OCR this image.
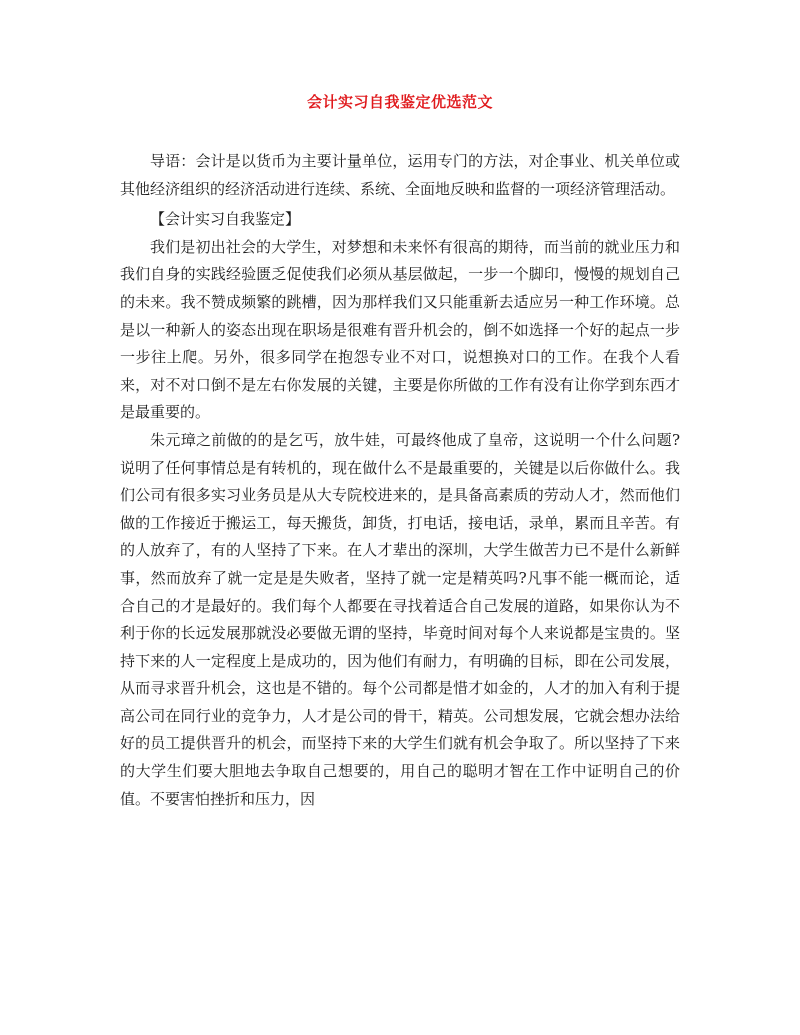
会计实习自我鉴定优选范文

导语：会计是以货币为主要计量单位，运用专门的方法，对企事业、机关单位或其他经济组织的经济活动进行连续、系统、全面地反映和监督的一项经济管理活动。

【会计实习自我鉴定】

我们是初出社会的大学生，对梦想和未来怀有很高的期待，而当前的就业压力和我们自身的实践经验匮乏促使我们必须从基层做起，一步一个脚印，慢慢的规划自己的未来。我不赞成频繁的跳槽，因为那样我们又只能重新去适应另一种工作环境。总是以一种新人的姿态出现在职场是很难有晋升机会的，倒不如选择一个好的起点一步一步往上爬。另外，很多同学在抱怨专业不对口，说想换对口的工作。在我个人看来，对不对口倒不是左右你发展的关键，主要是你所做的工作有没有让你学到东西才是最重要的。

朱元璋之前做的的是乞丐，放牛娃，可最终他成了皇帝，这说明一个什么问题?说明了任何事情总是有转机的，现在做什么不是最重要的，关键是以后你做什么。我们公司有很多实习业务员是从大专院校进来的，是具备高素质的劳动人才，然而他们做的工作接近于搬运工，每天搬货，卸货，打电话，接电话，录单，累而且辛苦。有的人放弃了，有的人坚持了下来。在人才辈出的深圳，大学生做苦力已不是什么新鲜事，然而放弃了就一定是是失败者，坚持了就一定是精英吗?凡事不能一概而论，适合自己的才是最好的。我们每个人都要在寻找着适合自己发展的道路，如果你认为不利于你的长远发展那就没必要做无谓的坚持，毕竟时间对每个人来说都是宝贵的。坚持下来的人一定程度上是成功的，因为他们有耐力，有明确的目标，即在公司发展，从而寻求晋升机会，这也是不错的。每个公司都是惜才如金的，人才的加入有利于提高公司在同行业的竞争力，人才是公司的骨干，精英。公司想发展，它就会想办法给好的员工提供晋升的机会，而坚持下来的大学生们就有机会争取了。所以坚持了下来的大学生们要大胆地去争取自己想要的，用自己的聪明才智在工作中证明自己的价值。不要害怕挫折和压力，因
